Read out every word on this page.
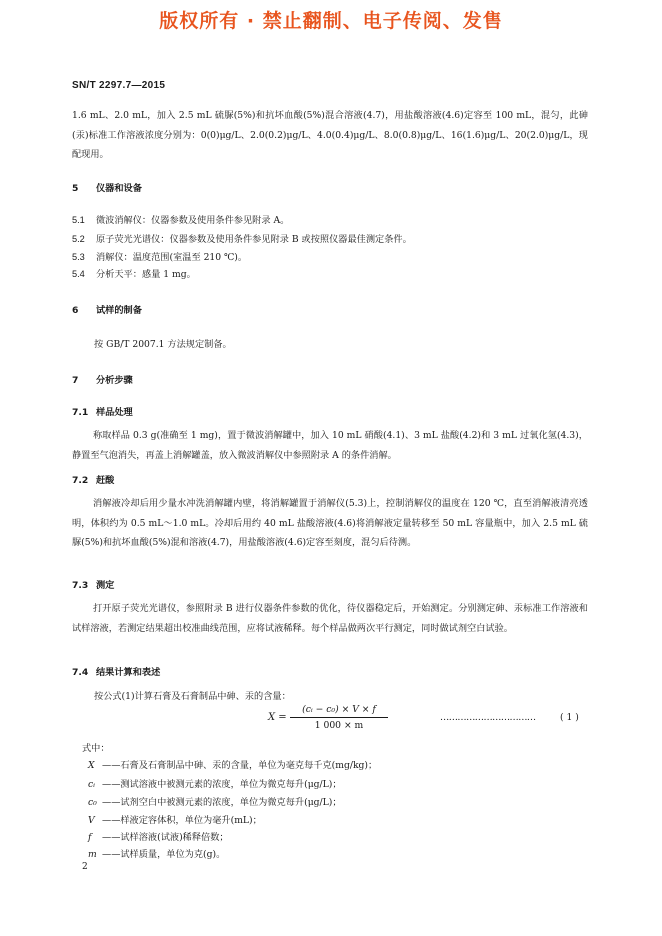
版权所有 · 禁止翻制、电子传阅、发售
SN/T 2297.7—2015
1.6 mL、2.0 mL，加入 2.5 mL 硫脲(5%)和抗坏血酸(5%)混合溶液(4.7)，用盐酸溶液(4.6)定容至 100 mL，混匀，此砷(汞)标准工作溶液浓度分别为：0(0)μg/L、2.0(0.2)μg/L、4.0(0.4)μg/L、8.0(0.8)μg/L、16(1.6)μg/L、20(2.0)μg/L，现配现用。
5 仪器和设备
5.1 微波消解仪：仪器参数及使用条件参见附录 A。
5.2 原子荧光光谱仪：仪器参数及使用条件参见附录 B 或按照仪器最佳测定条件。
5.3 消解仪：温度范围(室温至 210 ℃)。
5.4 分析天平：感量 1 mg。
6 试样的制备
按 GB/T 2007.1 方法规定制备。
7 分析步骤
7.1 样品处理
称取样品 0.3 g(准确至 1 mg)，置于微波消解罐中，加入 10 mL 硝酸(4.1)、3 mL 盐酸(4.2)和 3 mL 过氧化氢(4.3)，静置至气泡消失，再盖上消解罐盖，放入微波消解仪中参照附录 A 的条件消解。
7.2 赶酸
消解液冷却后用少量水冲洗消解罐内壁，将消解罐置于消解仪(5.3)上，控制消解仪的温度在 120 ℃，直至消解液清亮透明，体积约为 0.5 mL～1.0 mL。冷却后用约 40 mL 盐酸溶液(4.6)将消解液定量转移至 50 mL 容量瓶中，加入 2.5 mL 硫脲(5%)和抗坏血酸(5%)混和溶液(4.7)，用盐酸溶液(4.6)定容至刻度，混匀后待测。
7.3 测定
打开原子荧光光谱仪，参照附录 B 进行仪器条件参数的优化，待仪器稳定后，开始测定。分别测定砷、汞标准工作溶液和试样溶液，若测定结果超出校准曲线范围，应将试液稀释。每个样品做两次平行测定，同时做试剂空白试验。
7.4 结果计算和表述
按公式(1)计算石膏及石膏制品中砷、汞的含量：
$X = \frac{\text{(cᵢ − c₀) × V × f}}{1 000 \times m}$	……………………………	( 1 )
式中：
X ——石膏及石膏制品中砷、汞的含量，单位为毫克每千克(mg/kg)；
cᵢ ——测试溶液中被测元素的浓度，单位为微克每升(μg/L)；
c₀ ——试剂空白中被测元素的浓度，单位为微克每升(μg/L)；
V ——样液定容体积，单位为毫升(mL)；
f ——试样溶液(试液)稀释倍数；
m ——试样质量，单位为克(g)。
2
